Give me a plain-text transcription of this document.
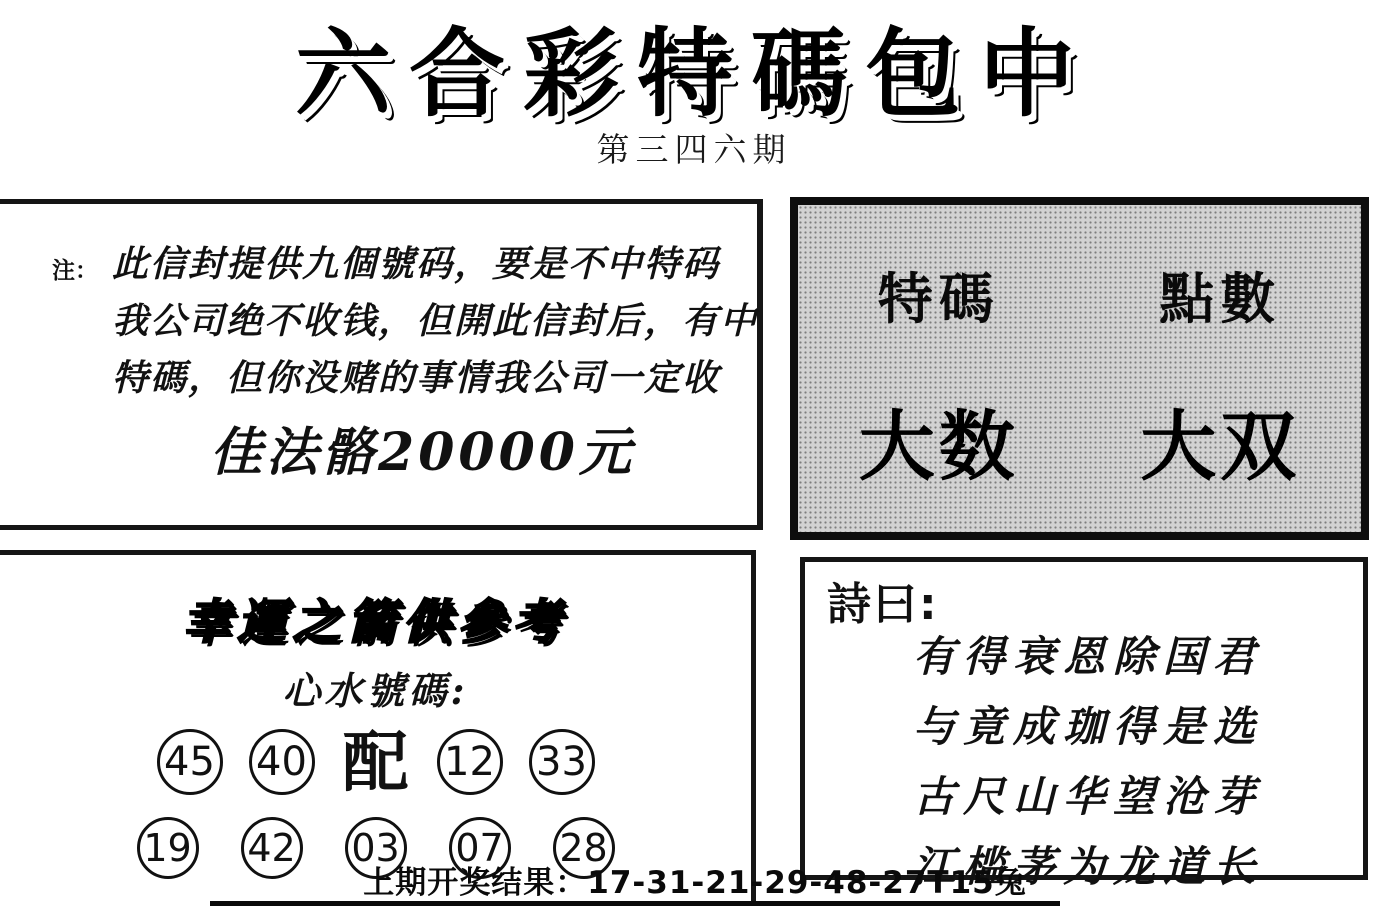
六合彩特碼包中
第三四六期
注： 此信封提供九個號码，要是不中特码
我公司绝不收钱，但開此信封后，有中
特碼，但你没赌的事情我公司一定收
佳法骼20000元
特碼
大数
點數
大双
幸運之箭供參考
心水號碼:
45 40 配 12 33
19 42 03 07 28
詩曰:
有得衰恩除国君
与竟成珈得是选
古尺山华望沧芽
江槛茅为龙道长
上期开奖结果：17-31-21-29-48-27T15兔
